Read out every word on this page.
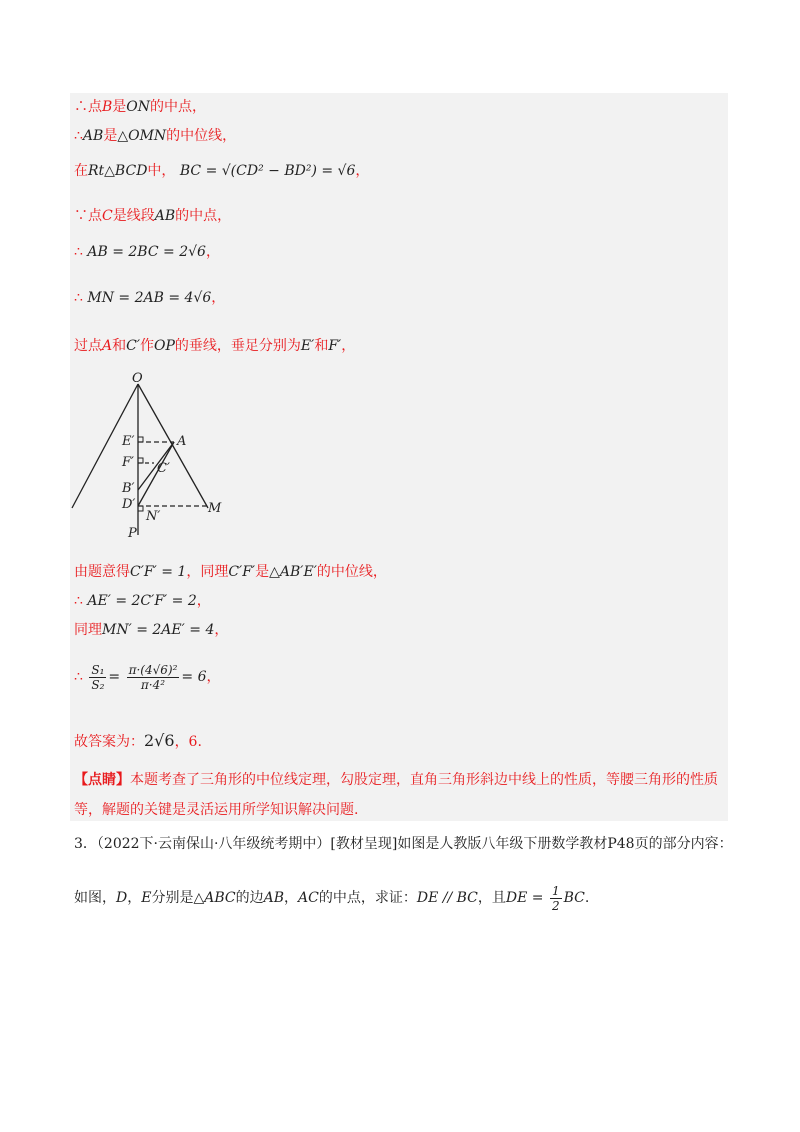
∴点B是ON的中点，
∴AB是△OMN的中位线，
在Rt△BCD中， BC = √(CD² − BD²) = √6，
∵点C是线段AB的中点，
∴ AB = 2BC = 2√6，
∴ MN = 2AB = 4√6，
过点A和C′作OP的垂线，垂足分别为E′和F′，
O
E′	A
F′ C′
B′
D′
N′
M
P
由题意得C′F′ = 1，同理C′F′是△AB′E′的中位线，
∴ AE′ = 2C′F′ = 2，
同理MN′ = 2AE′ = 4，
∴ $\frac{\text{S₁}}{\text{S₂}} = \frac{\text{π·(4√6)²}}{\text{π·4²}} = 6$，
故答案为：2√6，6.
【点睛】本题考查了三角形的中位线定理，勾股定理，直角三角形斜边中线上的性质，等腰三角形的性质
等，解题的关键是灵活运用所学知识解决问题.
3．（2022下·云南保山·八年级统考期中）[教材呈现]如图是人教版八年级下册数学教材P48页的部分内容：
如图，D，E分别是△ABC的边AB，AC的中点，求证：DE // BC，且DE = $\frac{1}{2}$ BC.
